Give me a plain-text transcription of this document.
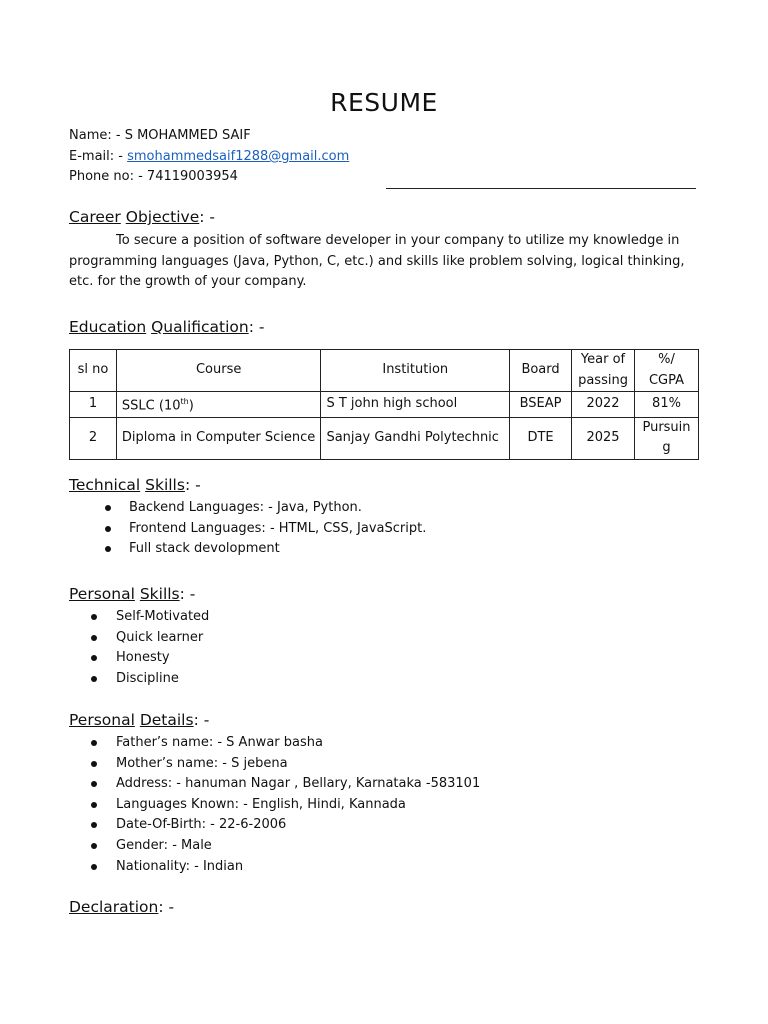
RESUME
Name: - S MOHAMMED SAIF
E-mail: - smohammedsaif1288@gmail.com
Phone no: - 74119003954
Career Objective: -
To secure a position of software developer in your company to utilize my knowledge in programming languages (Java, Python, C, etc.) and skills like problem solving, logical thinking, etc. for the growth of your company.
Education Qualification: -
sl no	Course	Institution	Board	Year of passing	%/ CGPA
1	SSLC (10th)	S T john high school	BSEAP	2022	81%
2	Diploma in Computer Science	Sanjay Gandhi Polytechnic	DTE	2025	Pursuing
Technical Skills: -
Backend Languages: - Java, Python.
Frontend Languages: - HTML, CSS, JavaScript.
Full stack devolopment
Personal Skills: -
Self-Motivated
Quick learner
Honesty
Discipline
Personal Details: -
Father’s name: - S Anwar basha
Mother’s name: - S jebena
Address: - hanuman Nagar , Bellary, Karnataka -583101
Languages Known: - English, Hindi, Kannada
Date-Of-Birth: - 22-6-2006
Gender: - Male
Nationality: - Indian
Declaration: -
